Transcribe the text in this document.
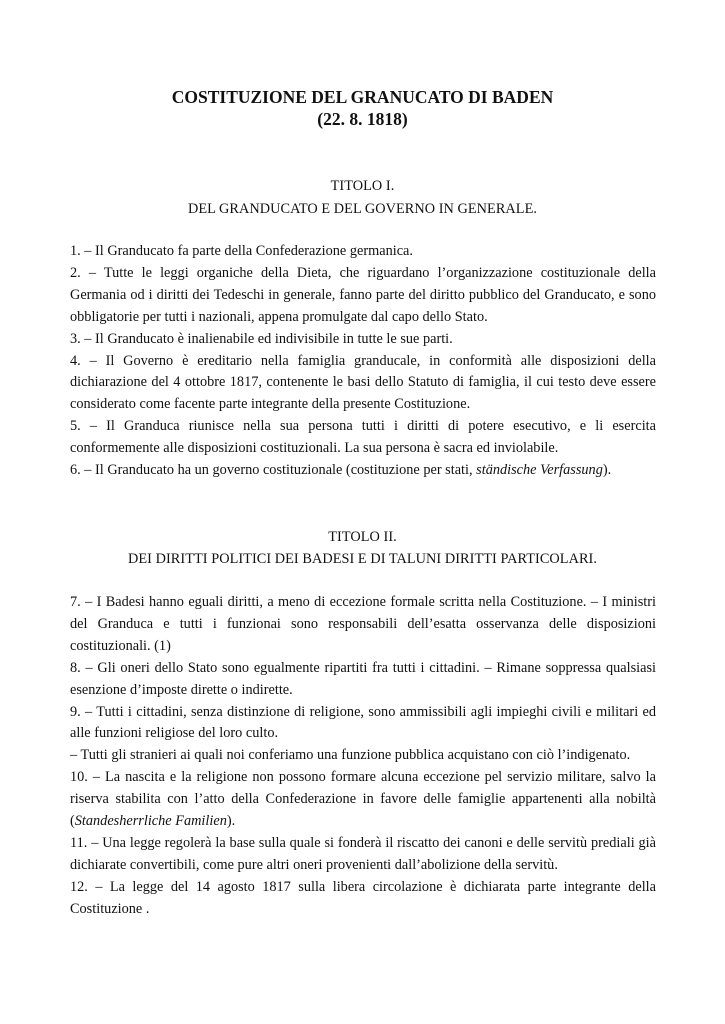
COSTITUZIONE DEL GRANUCATO DI BADEN
(22. 8. 1818)
TITOLO I.
DEL GRANDUCATO E DEL GOVERNO IN GENERALE.

1. – Il Granducato fa parte della Confederazione germanica.

2. – Tutte le leggi organiche della Dieta, che riguardano l’organizzazione costituzionale della Germania od i diritti dei Tedeschi in generale, fanno parte del diritto pubblico del Granducato, e sono obbligatorie per tutti i nazionali, appena promulgate dal capo dello Stato.

3. – Il Granducato è inalienabile ed indivisibile in tutte le sue parti.

4. – Il Governo è ereditario nella famiglia granducale, in conformità alle disposizioni della dichiarazione del 4 ottobre 1817, contenente le basi dello Statuto di famiglia, il cui testo deve essere considerato come facente parte integrante della presente Costituzione.

5. – Il Granduca riunisce nella sua persona tutti i diritti di potere esecutivo, e li esercita conformemente alle disposizioni costituzionali. La sua persona è sacra ed inviolabile.

6. – Il Granducato ha un governo costituzionale (costituzione per stati, ständische Verfassung).

TITOLO II.
DEI DIRITTI POLITICI DEI BADESI E DI TALUNI DIRITTI PARTICOLARI.

7. – I Badesi hanno eguali diritti, a meno di eccezione formale scritta nella Costituzione. – I ministri del Granduca e tutti i funzionai sono responsabili dell’esatta osservanza delle disposizioni costituzionali. (1)

8. – Gli oneri dello Stato sono egualmente ripartiti fra tutti i cittadini. – Rimane soppressa qualsiasi esenzione d’imposte dirette o indirette.

9. – Tutti i cittadini, senza distinzione di religione, sono ammissibili agli impieghi civili e militari ed alle funzioni religiose del loro culto.

– Tutti gli stranieri ai quali noi conferiamo una funzione pubblica acquistano con ciò l’indigenato.

10. – La nascita e la religione non possono formare alcuna eccezione pel servizio militare, salvo la riserva stabilita con l’atto della Confederazione in favore delle famiglie appartenenti alla nobiltà (Standesherrliche Familien).

11. – Una legge regolerà la base sulla quale si fonderà il riscatto dei canoni e delle servitù prediali già dichiarate convertibili, come pure altri oneri provenienti dall’abolizione della servitù.

12. – La legge del 14 agosto 1817 sulla libera circolazione è dichiarata parte integrante della Costituzione .
